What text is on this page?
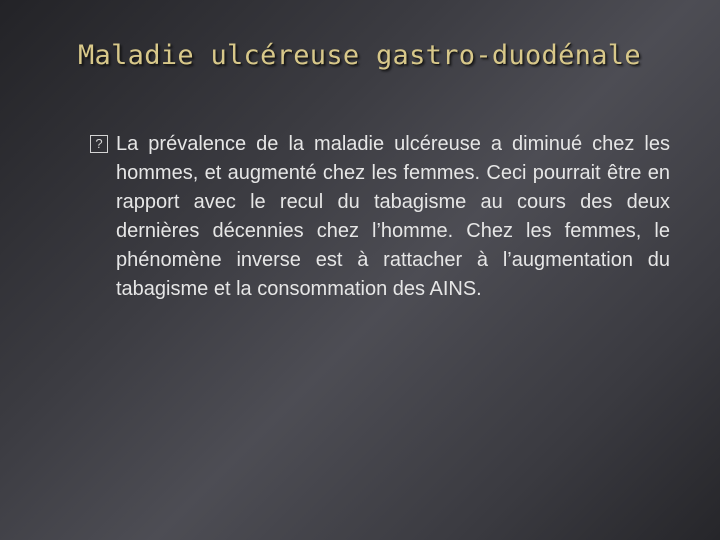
Maladie ulcéreuse gastro-duodénale
? La prévalence de la maladie ulcéreuse a diminué chez les hommes, et augmenté chez les femmes. Ceci pourrait être en rapport avec le recul du tabagisme au cours des deux dernières décennies chez l’homme. Chez les femmes, le phénomène inverse est à rattacher à l’augmentation du tabagisme et la consommation des AINS.
